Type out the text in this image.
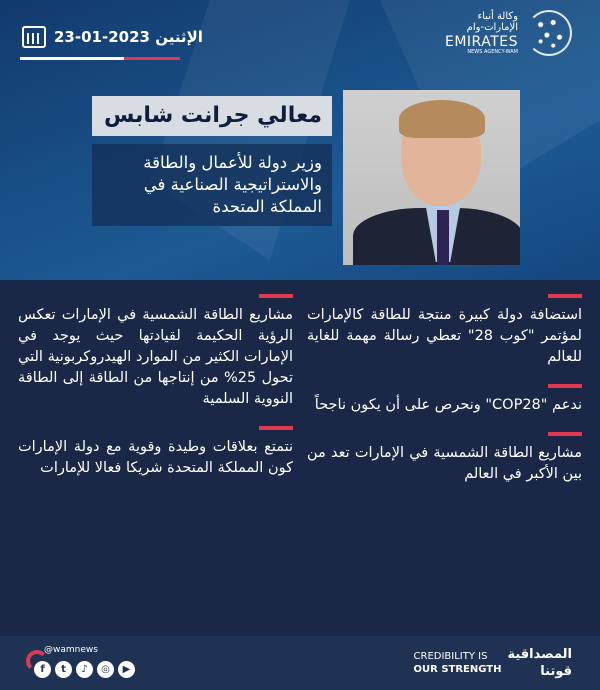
وكالة أنباء
الإمارات-وام
EMIRATES
NEWS AGENCY-WAM
الإثنين 2023-01-23
معالي جرانت شابس
وزير دولة للأعمال والطاقة والاستراتيجية الصناعية في المملكة المتحدة
مشاريع الطاقة الشمسية في الإمارات تعكس الرؤية الحكيمة لقيادتها حيث يوجد في الإمارات الكثير من الموارد الهيدروكربونية التي تحول 25% من إنتاجها من الطاقة إلى الطاقة النووية السلمية
نتمتع بعلاقات وطيدة وقوية مع دولة الإمارات كون المملكة المتحدة شريكا فعالا للإمارات
استضافة دولة كبيرة منتجة للطاقة كالإمارات لمؤتمر "كوب 28" تعطي رسالة مهمة للغاية للعالم
ندعم "COP28" ونحرص على أن يكون ناجحاً
مشاريع الطاقة الشمسية في الإمارات تعد من بين الأكبر في العالم
@wamnews
f	t	♪	◎	▶
CREDIBILITY IS
OUR STRENGTH
المصداقية
قوتنا
